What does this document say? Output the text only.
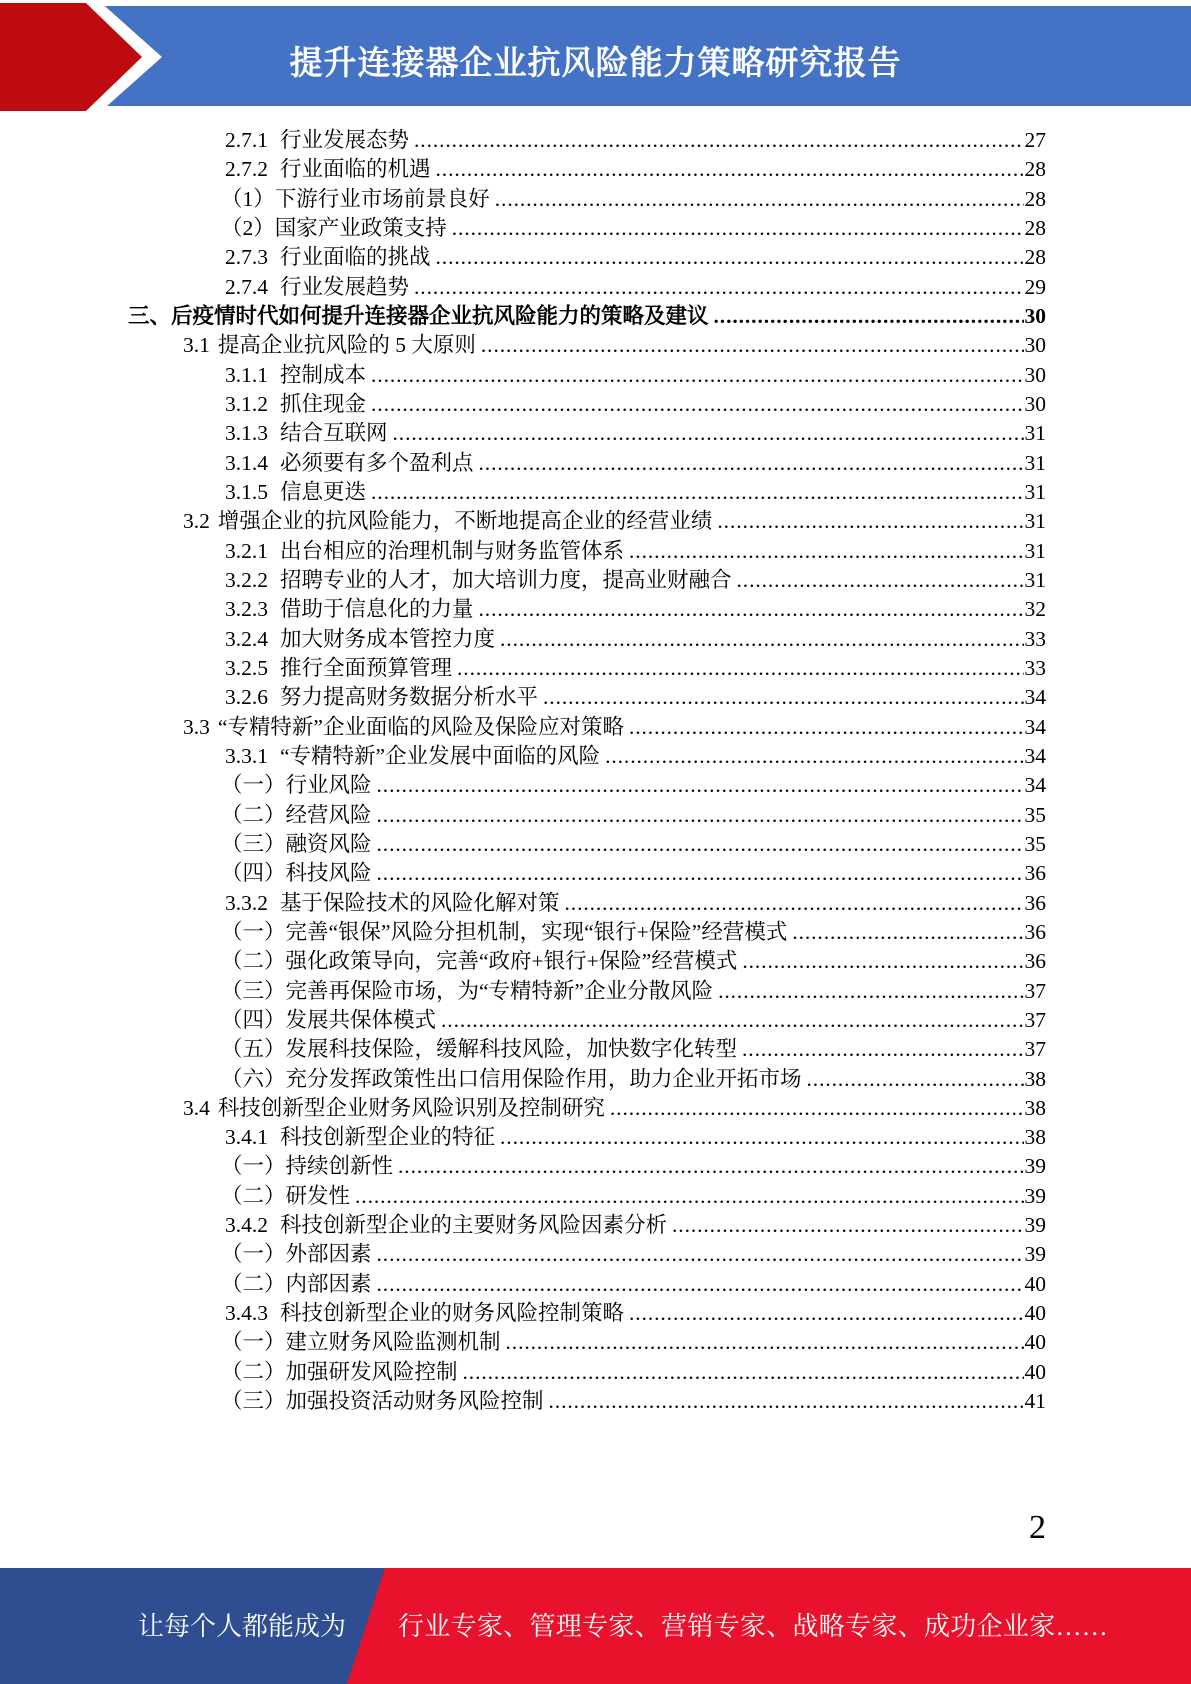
提升连接器企业抗风险能力策略研究报告
2.7.1 行业发展态势 .....	27
2.7.2 行业面临的机遇 .....	28
（1） 下游行业市场前景良好 .....	28
（2） 国家产业政策支持 .....	28
2.7.3 行业面临的挑战 .....	28
2.7.4 行业发展趋势 .....	29
三、 后疫情时代如何提升连接器企业抗风险能力的策略及建议 .....	30
3.1 提高企业抗风险的 5 大原则 .....	30
3.1.1 控制成本 .....	30
3.1.2 抓住现金 .....	30
3.1.3 结合互联网 .....	31
3.1.4 必须要有多个盈利点 .....	31
3.1.5 信息更迭 .....	31
3.2 增强企业的抗风险能力，不断地提高企业的经营业绩 .....	31
3.2.1 出台相应的治理机制与财务监管体系 .....	31
3.2.2 招聘专业的人才，加大培训力度，提高业财融合 .....	31
3.2.3 借助于信息化的力量 .....	32
3.2.4 加大财务成本管控力度 .....	33
3.2.5 推行全面预算管理 .....	33
3.2.6 努力提高财务数据分析水平 .....	34
3.3 “专精特新”企业面临的风险及保险应对策略 .....	34
3.3.1 “专精特新”企业发展中面临的风险 .....	34
（一） 行业风险 .....	34
（二） 经营风险 .....	35
（三） 融资风险 .....	35
（四） 科技风险 .....	36
3.3.2 基于保险技术的风险化解对策 .....	36
（一） 完善“银保”风险分担机制，实现“银行+保险”经营模式 .....	36
（二） 强化政策导向，完善“政府+银行+保险”经营模式 .....	36
（三） 完善再保险市场，为“专精特新”企业分散风险 .....	37
（四） 发展共保体模式 .....	37
（五） 发展科技保险，缓解科技风险，加快数字化转型 .....	37
（六） 充分发挥政策性出口信用保险作用，助力企业开拓市场 .....	38
3.4 科技创新型企业财务风险识别及控制研究 .....	38
3.4.1 科技创新型企业的特征 .....	38
（一） 持续创新性 .....	39
（二） 研发性 .....	39
3.4.2 科技创新型企业的主要财务风险因素分析 .....	39
（一） 外部因素 .....	39
（二） 内部因素 .....	40
3.4.3 科技创新型企业的财务风险控制策略 .....	40
（一） 建立财务风险监测机制 .....	40
（二） 加强研发风险控制 .....	40
（三） 加强投资活动财务风险控制 .....	41
2
让每个人都能成为 行业专家、管理专家、营销专家、战略专家、成功企业家……
